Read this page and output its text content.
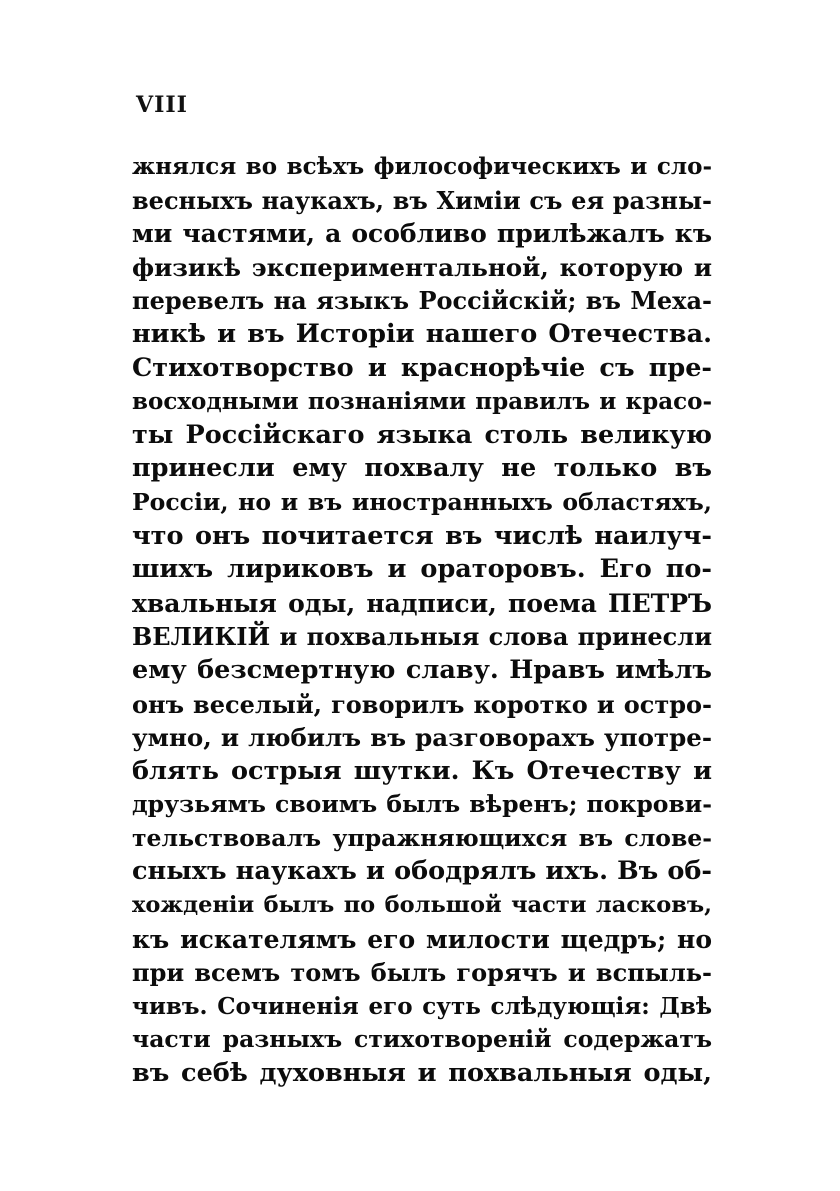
VIII
жнялся во всѣхъ философическихъ и сло-
весныхъ наукахъ, въ Химіи съ ея разны-
ми частями, а особливо прилѣжалъ къ
физикѣ экспериментальной, которую и
перевелъ на языкъ Россійскій; въ Меха-
никѣ и въ Исторіи нашего Отечества.
Стихотворство и краснорѣчіе съ пре-
восходными познаніями правилъ и красо-
ты Россійскаго языка столь великую
принесли ему похвалу не только въ
Россіи, но и въ иностранныхъ областяхъ,
что онъ почитается въ числѣ наилуч-
шихъ лириковъ и ораторовъ. Его по-
хвальныя оды, надписи, поема ПЕТРЪ
ВЕЛИКІЙ и похвальныя слова принесли
ему безсмертную славу. Нравъ имѣлъ
онъ веселый, говорилъ коротко и остро-
умно, и любилъ въ разговорахъ употре-
блять острыя шутки. Къ Отечеству и
друзьямъ своимъ былъ вѣренъ; покрови-
тельствовалъ упражняющихся въ слове-
сныхъ наукахъ и ободрялъ ихъ. Въ об-
хожденіи былъ по большой части ласковъ,
къ искателямъ его милости щедръ; но
при всемъ томъ былъ горячъ и вспыль-
чивъ. Сочиненія его суть слѣдующія: Двѣ
части разныхъ стихотвореній содержатъ
въ себѣ духовныя и похвальныя оды,
